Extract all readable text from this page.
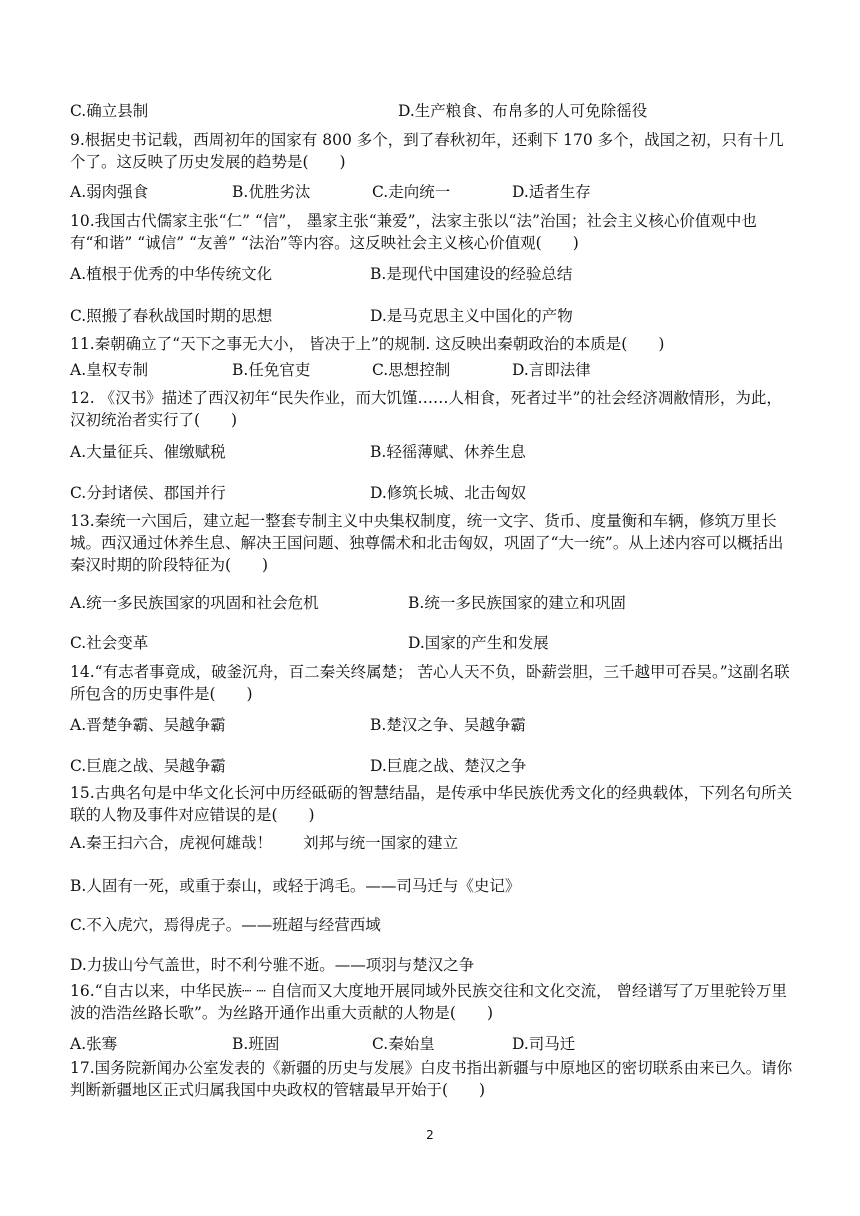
C.确立县制	D.生产粮食、布帛多的人可免除徭役
9.根据史书记载，西周初年的国家有 800 多个，到了春秋初年，还剩下 170 多个，战国之初，只有十几个了。这反映了历史发展的趋势是(　　)
A.弱肉强食	B.优胜劣汰	C.走向统一	D.适者生存
10.我国古代儒家主张“仁” “信”， 墨家主张“兼爱”，法家主张以“法”治国；社会主义核心价值观中也有“和谐” “诚信” “友善” “法治”等内容。这反映社会主义核心价值观(　　)
A.植根于优秀的中华传统文化	B.是现代中国建设的经验总结
C.照搬了春秋战国时期的思想	D.是马克思主义中国化的产物
11.秦朝确立了“天下之事无大小， 皆决于上”的规制. 这反映出秦朝政治的本质是(　　)
A.皇权专制	B.任免官吏	C.思想控制	D.言即法律
12. 《汉书》描述了西汉初年“民失作业，而大饥馑……人相食，死者过半”的社会经济凋敝情形，为此，汉初统治者实行了(　　)
A.大量征兵、催缴赋税	B.轻徭薄赋、休养生息
C.分封诸侯、郡国并行	D.修筑长城、北击匈奴
13.秦统一六国后，建立起一整套专制主义中央集权制度，统一文字、货币、度量衡和车辆，修筑万里长城。西汉通过休养生息、解决王国问题、独尊儒术和北击匈奴，巩固了“大一统”。从上述内容可以概括出秦汉时期的阶段特征为(　　)
A.统一多民族国家的巩固和社会危机	B.统一多民族国家的建立和巩固
C.社会变革	D.国家的产生和发展
14.“有志者事竟成，破釜沉舟，百二秦关终属楚； 苦心人天不负，卧薪尝胆，三千越甲可吞吴。”这副名联所包含的历史事件是(　　)
A.晋楚争霸、吴越争霸	B.楚汉之争、吴越争霸
C.巨鹿之战、吴越争霸	D.巨鹿之战、楚汉之争
15.古典名句是中华文化长河中历经砥砺的智慧结晶，是传承中华民族优秀文化的经典载体，下列名句所关联的人物及事件对应错误的是(　　)
A.秦王扫六合，虎视何雄哉！　　刘邦与统一国家的建立
B.人固有一死，或重于泰山，或轻于鸿毛。——司马迁与《史记》
C.不入虎穴，焉得虎子。——班超与经营西域
D.力拔山兮气盖世，时不利兮骓不逝。——项羽与楚汉之争
16.“自古以来，中华民族┈ ┈ 自信而又大度地开展同域外民族交往和文化交流， 曾经谱写了万里驼铃万里波的浩浩丝路长歌”。为丝路开通作出重大贡献的人物是(　　)
A.张骞	B.班固	C.秦始皇	D.司马迁
17.国务院新闻办公室发表的《新疆的历史与发展》白皮书指出新疆与中原地区的密切联系由来已久。请你判断新疆地区正式归属我国中央政权的管辖最早开始于(　　)
2
